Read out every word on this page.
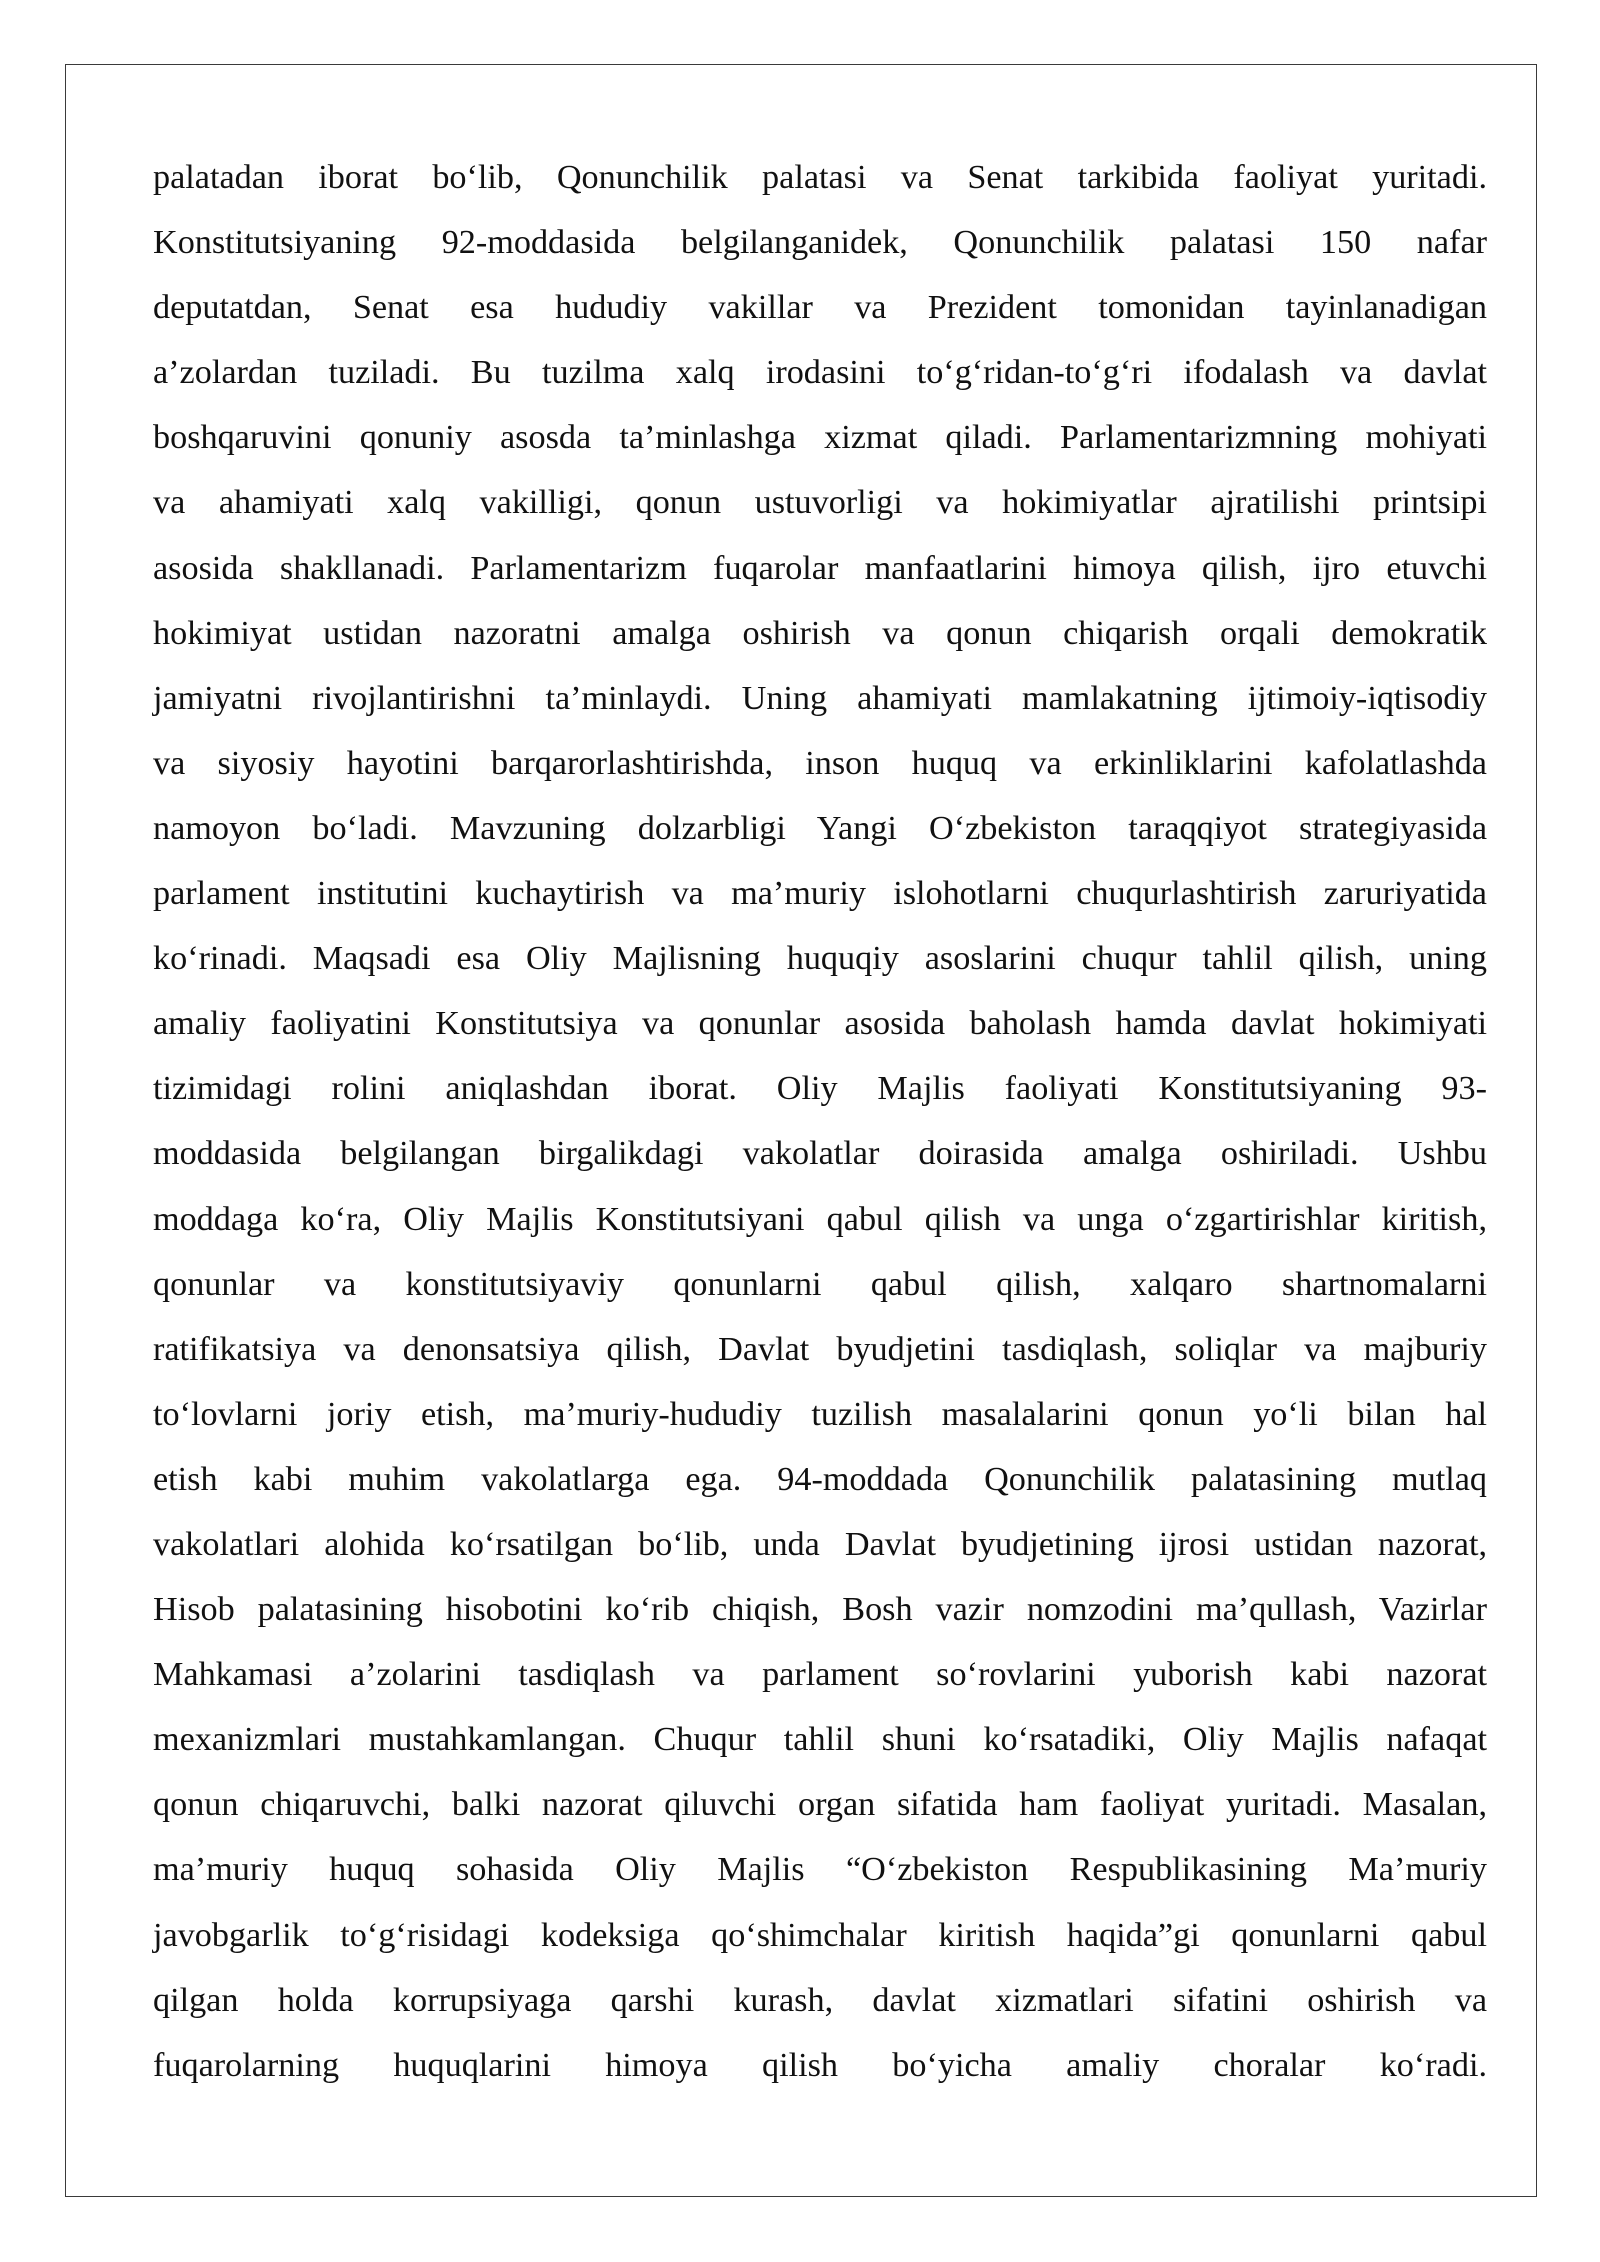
palatadan iborat bo‘lib, Qonunchilik palatasi va Senat tarkibida faoliyat yuritadi.
Konstitutsiyaning 92-moddasida belgilanganidek, Qonunchilik palatasi 150 nafar
deputatdan, Senat esa hududiy vakillar va Prezident tomonidan tayinlanadigan
a’zolardan tuziladi. Bu tuzilma xalq irodasini to‘g‘ridan-to‘g‘ri ifodalash va davlat
boshqaruvini qonuniy asosda ta’minlashga xizmat qiladi. Parlamentarizmning mohiyati
va ahamiyati xalq vakilligi, qonun ustuvorligi va hokimiyatlar ajratilishi printsipi
asosida shakllanadi. Parlamentarizm fuqarolar manfaatlarini himoya qilish, ijro etuvchi
hokimiyat ustidan nazoratni amalga oshirish va qonun chiqarish orqali demokratik
jamiyatni rivojlantirishni ta’minlaydi. Uning ahamiyati mamlakatning ijtimoiy-iqtisodiy
va siyosiy hayotini barqarorlashtirishda, inson huquq va erkinliklarini kafolatlashda
namoyon bo‘ladi. Mavzuning dolzarbligi Yangi O‘zbekiston taraqqiyot strategiyasida
parlament institutini kuchaytirish va ma’muriy islohotlarni chuqurlashtirish zaruriyatida
ko‘rinadi. Maqsadi esa Oliy Majlisning huquqiy asoslarini chuqur tahlil qilish, uning
amaliy faoliyatini Konstitutsiya va qonunlar asosida baholash hamda davlat hokimiyati
tizimidagi rolini aniqlashdan iborat. Oliy Majlis faoliyati Konstitutsiyaning 93-
moddasida belgilangan birgalikdagi vakolatlar doirasida amalga oshiriladi. Ushbu
moddaga ko‘ra, Oliy Majlis Konstitutsiyani qabul qilish va unga o‘zgartirishlar kiritish,
qonunlar va konstitutsiyaviy qonunlarni qabul qilish, xalqaro shartnomalarni
ratifikatsiya va denonsatsiya qilish, Davlat byudjetini tasdiqlash, soliqlar va majburiy
to‘lovlarni joriy etish, ma’muriy-hududiy tuzilish masalalarini qonun yo‘li bilan hal
etish kabi muhim vakolatlarga ega. 94-moddada Qonunchilik palatasining mutlaq
vakolatlari alohida ko‘rsatilgan bo‘lib, unda Davlat byudjetining ijrosi ustidan nazorat,
Hisob palatasining hisobotini ko‘rib chiqish, Bosh vazir nomzodini ma’qullash, Vazirlar
Mahkamasi a’zolarini tasdiqlash va parlament so‘rovlarini yuborish kabi nazorat
mexanizmlari mustahkamlangan. Chuqur tahlil shuni ko‘rsatadiki, Oliy Majlis nafaqat
qonun chiqaruvchi, balki nazorat qiluvchi organ sifatida ham faoliyat yuritadi. Masalan,
ma’muriy huquq sohasida Oliy Majlis “O‘zbekiston Respublikasining Ma’muriy
javobgarlik to‘g‘risidagi kodeksiga qo‘shimchalar kiritish haqida”gi qonunlarni qabul
qilgan holda korrupsiyaga qarshi kurash, davlat xizmatlari sifatini oshirish va
fuqarolarning huquqlarini himoya qilish bo‘yicha amaliy choralar ko‘radi.
